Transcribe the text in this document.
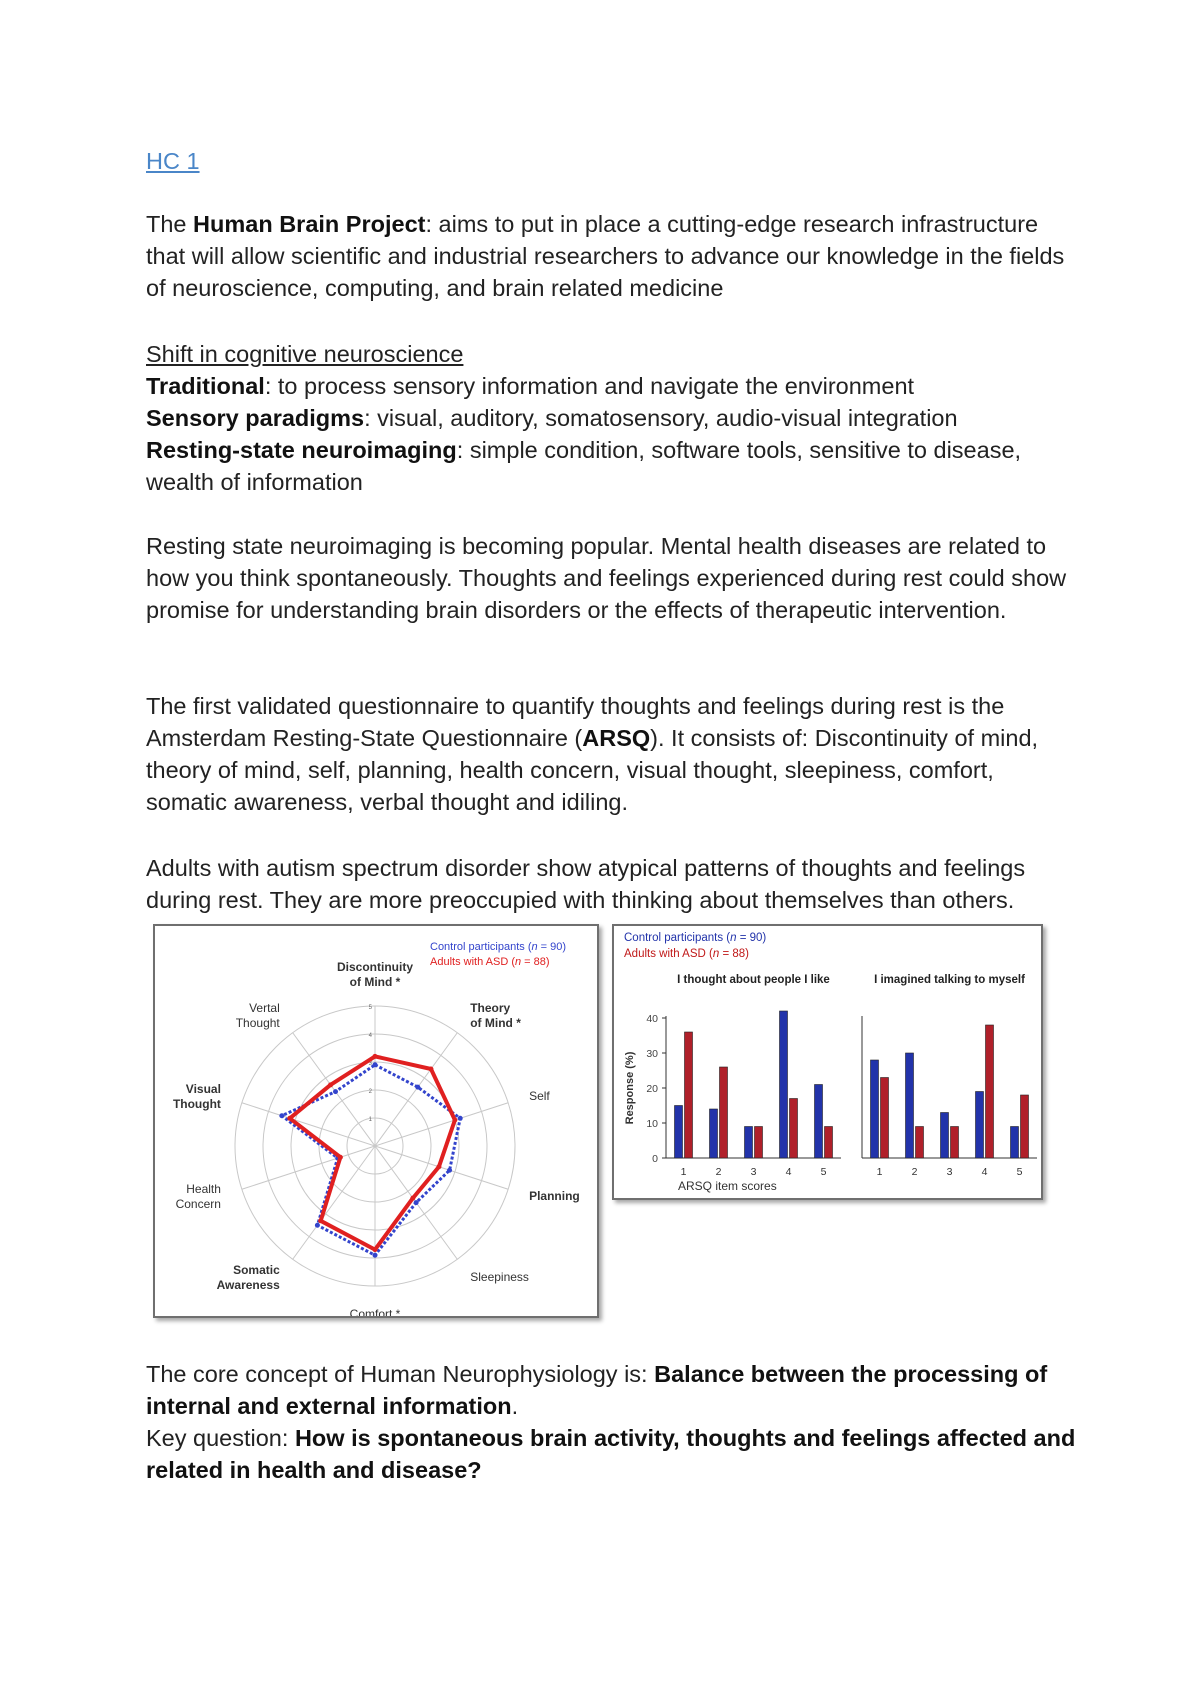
HC 1

The Human Brain Project: aims to put in place a cutting-edge research infrastructure that will allow scientific and industrial researchers to advance our knowledge in the fields of neuroscience, computing, and brain related medicine

Shift in cognitive neuroscience

Traditional: to process sensory information and navigate the environment

Sensory paradigms: visual, auditory, somatosensory, audio-visual integration

Resting-state neuroimaging: simple condition, software tools, sensitive to disease, wealth of information

Resting state neuroimaging is becoming popular. Mental health diseases are related to how you think spontaneously. Thoughts and feelings experienced during rest could show promise for understanding brain disorders or the effects of therapeutic intervention.

The first validated questionnaire to quantify thoughts and feelings during rest is the Amsterdam Resting-State Questionnaire (ARSQ). It consists of: Discontinuity of mind, theory of mind, self, planning, health concern, visual thought, sleepiness, comfort, somatic awareness, verbal thought and idiling.

Adults with autism spectrum disorder show atypical patterns of thoughts and feelings during rest. They are more preoccupied with thinking about themselves than others.

1
2
3
4
5
Discontinuity
of Mind *
Theory
of Mind *
Self
Planning
Sleepiness
Comfort *
Somatic
Awareness
Health
Concern
Visual
Thought
Vertal
Thought
Control participants (n = 90)
Adults with ASD (n = 88)
Control participants (n = 90)
Adults with ASD (n = 88)
Response (%)
I thought about people I like
0
10
20
30
40
1	2	3	4	5
I imagined talking to myself
1	2	3	4	5
ARSQ item scores

The core concept of Human Neurophysiology is: Balance between the processing of internal and external information.

Key question: How is spontaneous brain activity, thoughts and feelings affected and related in health and disease?
